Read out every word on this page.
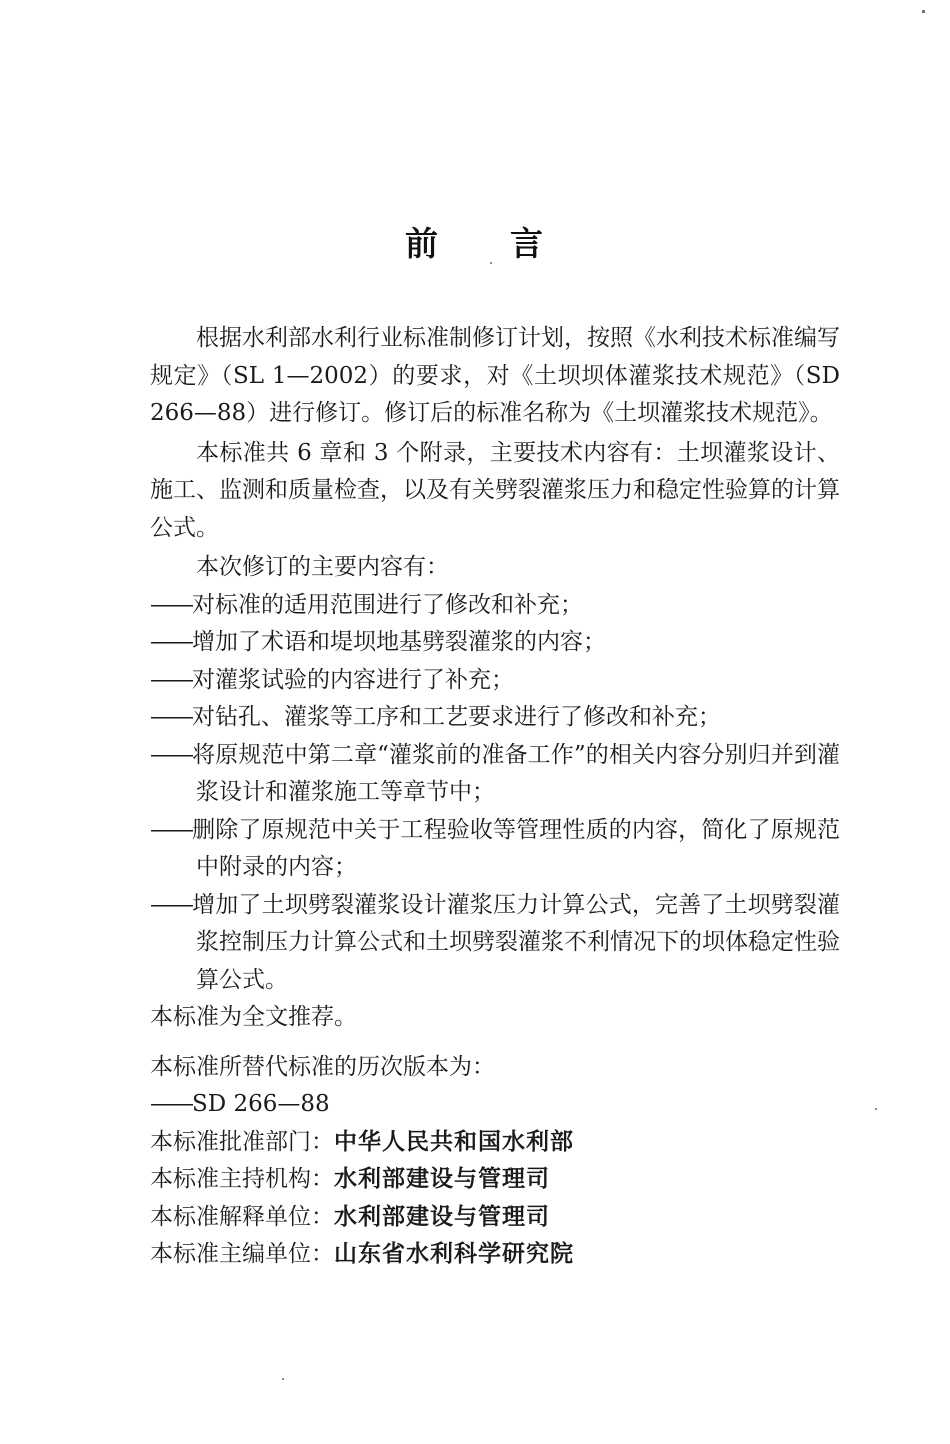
前 言

根据水利部水利行业标准制修订计划，按照《水利技术标准编写规定》（SL 1—2002）的要求，对《土坝坝体灌浆技术规范》（SD 266—88）进行修订。修订后的标准名称为《土坝灌浆技术规范》。

本标准共 6 章和 3 个附录，主要技术内容有：土坝灌浆设计、施工、监测和质量检查，以及有关劈裂灌浆压力和稳定性验算的计算公式。

本次修订的主要内容有：

——对标准的适用范围进行了修改和补充；

——增加了术语和堤坝地基劈裂灌浆的内容；

——对灌浆试验的内容进行了补充；

——对钻孔、灌浆等工序和工艺要求进行了修改和补充；

——将原规范中第二章“灌浆前的准备工作”的相关内容分别归并到灌浆设计和灌浆施工等章节中；

——删除了原规范中关于工程验收等管理性质的内容，简化了原规范中附录的内容；

——增加了土坝劈裂灌浆设计灌浆压力计算公式，完善了土坝劈裂灌浆控制压力计算公式和土坝劈裂灌浆不利情况下的坝体稳定性验算公式。

本标准为全文推荐。

本标准所替代标准的历次版本为：

——SD 266—88

本标准批准部门：中华人民共和国水利部

本标准主持机构：水利部建设与管理司

本标准解释单位：水利部建设与管理司

本标准主编单位：山东省水利科学研究院
